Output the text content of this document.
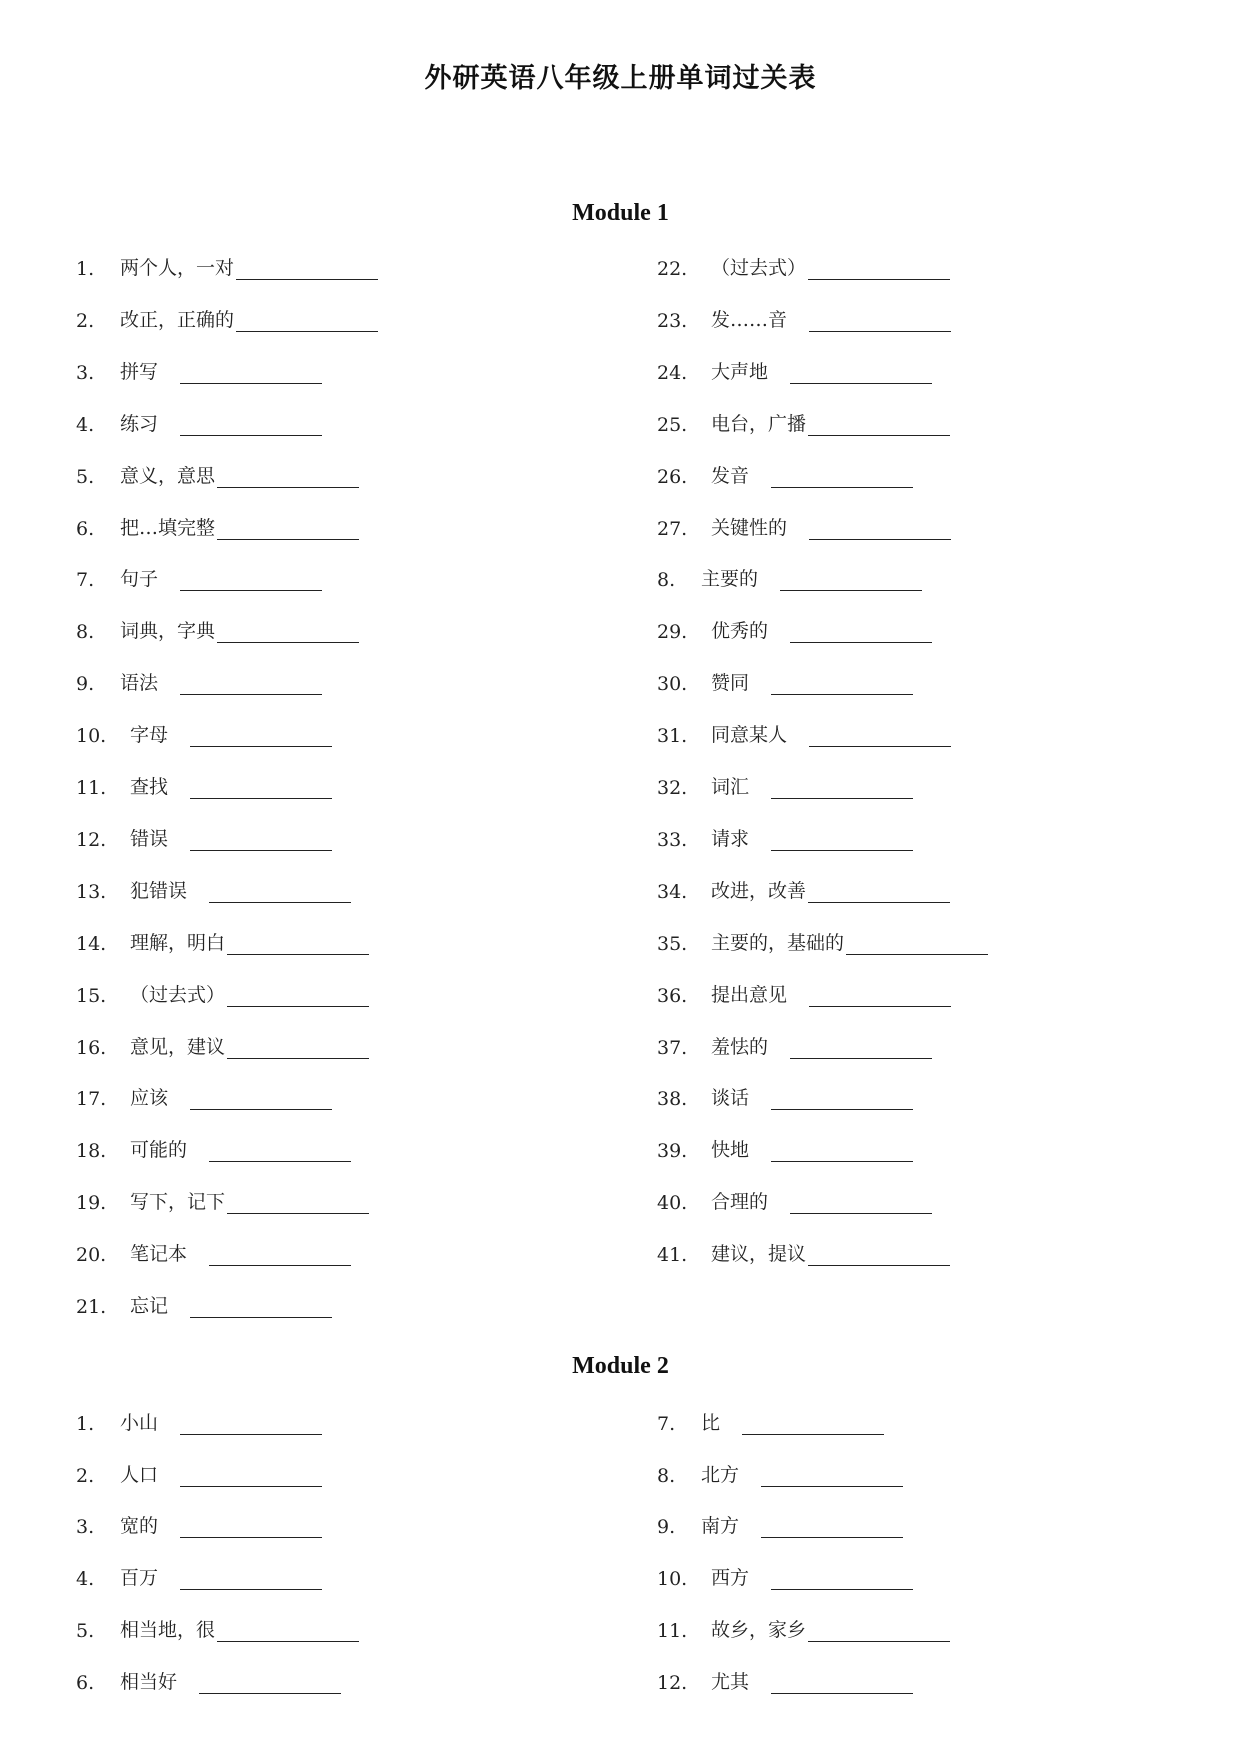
外研英语八年级上册单词过关表
Module 1
1.	两个人，一对
2.	改正，正确的
3.	拼写
4.	练习
5.	意义，意思
6.	把…填完整
7.	句子
8.	词典，字典
9.	语法
10.	字母
11.	查找
12.	错误
13.	犯错误
14.	理解，明白
15.	（过去式）
16.	意见，建议
17.	应该
18.	可能的
19.	写下，记下
20.	笔记本
21.	忘记
22.	（过去式）
23.	发……音
24.	大声地
25.	电台，广播
26.	发音
27.	关键性的
8.	主要的
29.	优秀的
30.	赞同
31.	同意某人
32.	词汇
33.	请求
34.	改进，改善
35.	主要的，基础的
36.	提出意见
37.	羞怯的
38.	谈话
39.	快地
40.	合理的
41.	建议，提议
Module 2
1.	小山
2.	人口
3.	宽的
4.	百万
5.	相当地，很
6.	相当好
7.	比
8.	北方
9.	南方
10.	西方
11.	故乡，家乡
12.	尤其
